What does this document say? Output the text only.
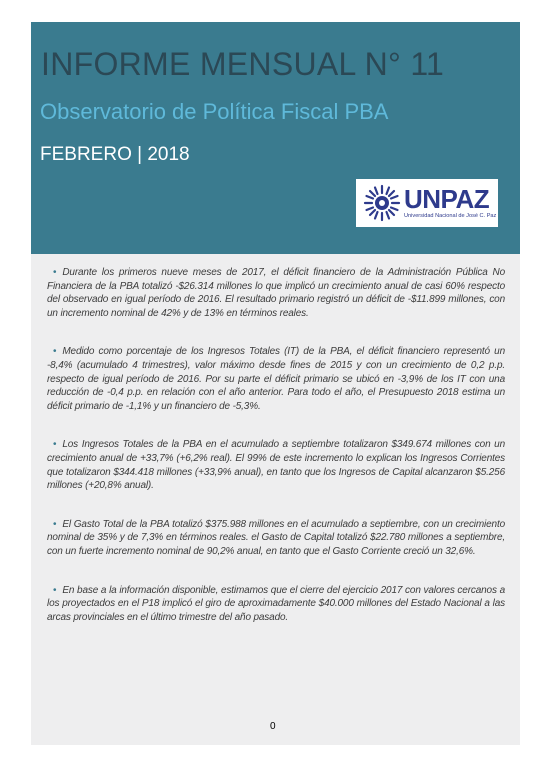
INFORME MENSUAL N° 11
Observatorio de Política Fiscal PBA
FEBRERO | 2018
UNPAZ
Universidad Nacional de José C. Paz
• Durante los primeros nueve meses de 2017, el déficit financiero de la Administración Pública No Financiera de la PBA totalizó -$26.314 millones lo que implicó un crecimiento anual de casi 60% respecto del observado en igual período de 2016. El resultado primario registró un déficit de -$11.899 millones, con un incremento nominal de 42% y de 13% en términos reales.
• Medido como porcentaje de los Ingresos Totales (IT) de la PBA, el déficit financiero representó un -8,4% (acumulado 4 trimestres), valor máximo desde fines de 2015 y con un crecimiento de 0,2 p.p. respecto de igual período de 2016. Por su parte el déficit primario se ubicó en -3,9% de los IT con una reducción de -0,4 p.p. en relación con el año anterior. Para todo el año, el Presupuesto 2018 estima un déficit primario de -1,1% y un financiero de -5,3%.
• Los Ingresos Totales de la PBA en el acumulado a septiembre totalizaron $349.674 millones con un crecimiento anual de +33,7% (+6,2% real). El 99% de este incremento lo explican los Ingresos Corrientes que totalizaron $344.418 millones (+33,9% anual), en tanto que los Ingresos de Capital alcanzaron $5.256 millones (+20,8% anual).
• El Gasto Total de la PBA totalizó $375.988 millones en el acumulado a septiembre, con un crecimiento nominal de 35% y de 7,3% en términos reales. el Gasto de Capital totalizó $22.780 millones a septiembre, con un fuerte incremento nominal de 90,2% anual, en tanto que el Gasto Corriente creció un 32,6%.
• En base a la información disponible, estimamos que el cierre del ejercicio 2017 con valores cercanos a los proyectados en el P18 implicó el giro de aproximadamente $40.000 millones del Estado Nacional a las arcas provinciales en el último trimestre del año pasado.
0
